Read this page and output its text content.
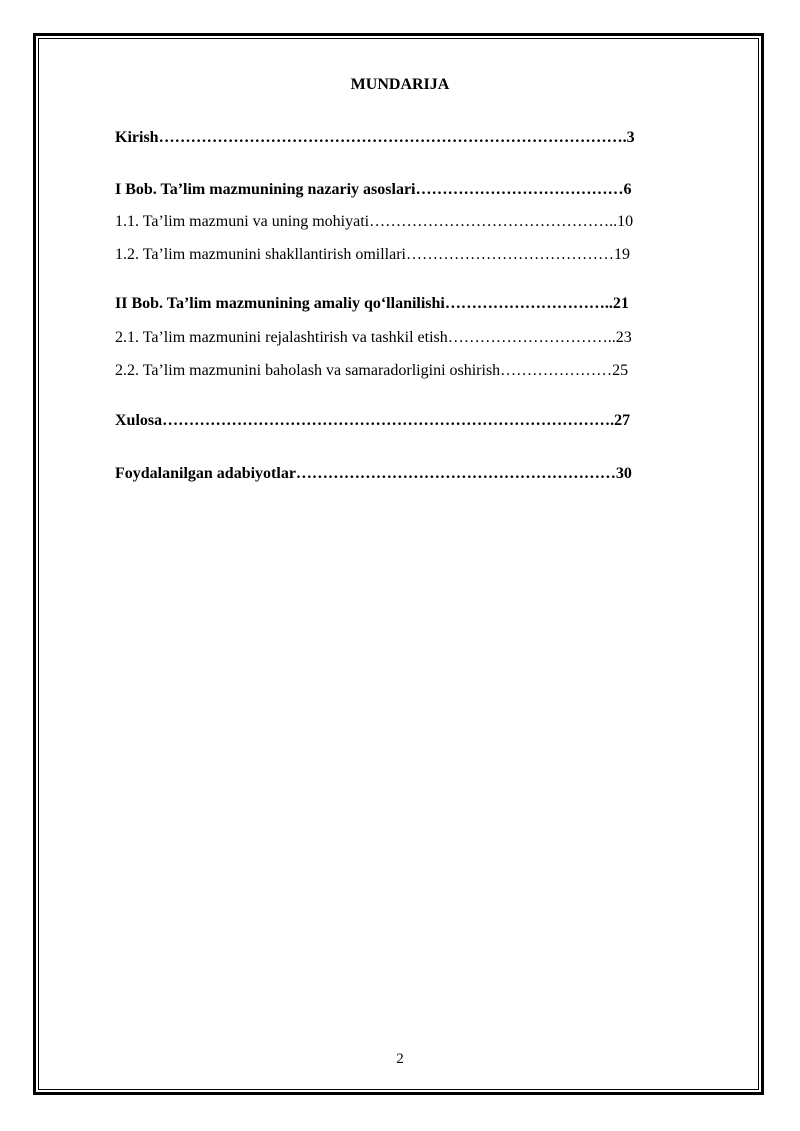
MUNDARIJA
Kirish…………………………………………………………………………….3
I Bob. Ta’lim mazmunining nazariy asoslari…………………………………6
1.1. Ta’lim mazmuni va uning mohiyati………………………………………..10
1.2. Ta’lim mazmunini shakllantirish omillari…………………………………19
II Bob. Ta’lim mazmunining amaliy qo‘llanilishi…………………………..21
2.1. Ta’lim mazmunini rejalashtirish va tashkil etish…………………………..23
2.2. Ta’lim mazmunini baholash va samaradorligini oshirish…………………25
Xulosa………………………………………………………………………….27
Foydalanilgan adabiyotlar……………………………………………………30
2
